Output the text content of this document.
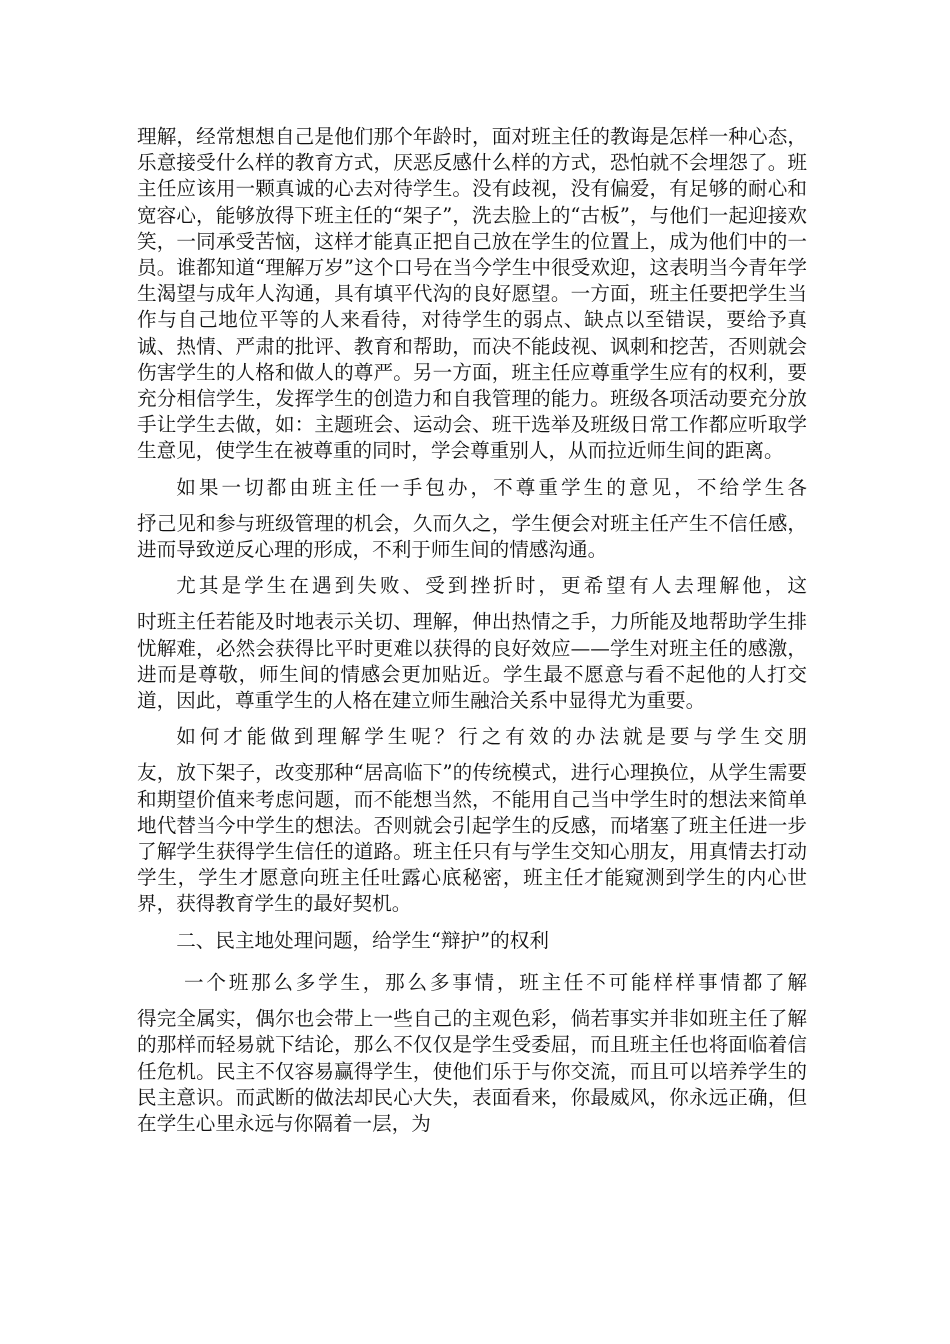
理解，经常想想自己是他们那个年龄时，面对班主任的教诲是怎样一种心态，乐意接受什么样的教育方式，厌恶反感什么样的方式，恐怕就不会埋怨了。班主任应该用一颗真诚的心去对待学生。没有歧视，没有偏爱，有足够的耐心和宽容心，能够放得下班主任的“架子”，洗去脸上的“古板”，与他们一起迎接欢笑，一同承受苦恼，这样才能真正把自己放在学生的位置上，成为他们中的一员。谁都知道“理解万岁”这个口号在当今学生中很受欢迎，这表明当今青年学生渴望与成年人沟通，具有填平代沟的良好愿望。一方面，班主任要把学生当作与自己地位平等的人来看待，对待学生的弱点、缺点以至错误，要给予真诚、热情、严肃的批评、教育和帮助，而决不能歧视、讽刺和挖苦，否则就会伤害学生的人格和做人的尊严。另一方面，班主任应尊重学生应有的权利，要充分相信学生，发挥学生的创造力和自我管理的能力。班级各项活动要充分放手让学生去做，如：主题班会、运动会、班干选举及班级日常工作都应听取学生意见，使学生在被尊重的同时，学会尊重别人，从而拉近师生间的距离。
如果一切都由班主任一手包办，不尊重学生的意见，不给学生各
抒己见和参与班级管理的机会，久而久之，学生便会对班主任产生不信任感，进而导致逆反心理的形成，不利于师生间的情感沟通。
尤其是学生在遇到失败、受到挫折时，更希望有人去理解他，这
时班主任若能及时地表示关切、理解，伸出热情之手，力所能及地帮助学生排忧解难，必然会获得比平时更难以获得的良好效应——学生对班主任的感激，进而是尊敬，师生间的情感会更加贴近。学生最不愿意与看不起他的人打交道，因此，尊重学生的人格在建立师生融洽关系中显得尤为重要。
如何才能做到理解学生呢？行之有效的办法就是要与学生交朋
友，放下架子，改变那种“居高临下”的传统模式，进行心理换位，从学生需要和期望价值来考虑问题，而不能想当然，不能用自己当中学生时的想法来简单地代替当今中学生的想法。否则就会引起学生的反感，而堵塞了班主任进一步了解学生获得学生信任的道路。班主任只有与学生交知心朋友，用真情去打动学生，学生才愿意向班主任吐露心底秘密，班主任才能窥测到学生的内心世界，获得教育学生的最好契机。
二、民主地处理问题，给学生“辩护”的权利
一个班那么多学生，那么多事情，班主任不可能样样事情都了解
得完全属实，偶尔也会带上一些自己的主观色彩，倘若事实并非如班主任了解的那样而轻易就下结论，那么不仅仅是学生受委屈，而且班主任也将面临着信任危机。民主不仅容易赢得学生，使他们乐于与你交流，而且可以培养学生的民主意识。而武断的做法却民心大失，表面看来，你最威风，你永远正确，但在学生心里永远与你隔着一层，为
